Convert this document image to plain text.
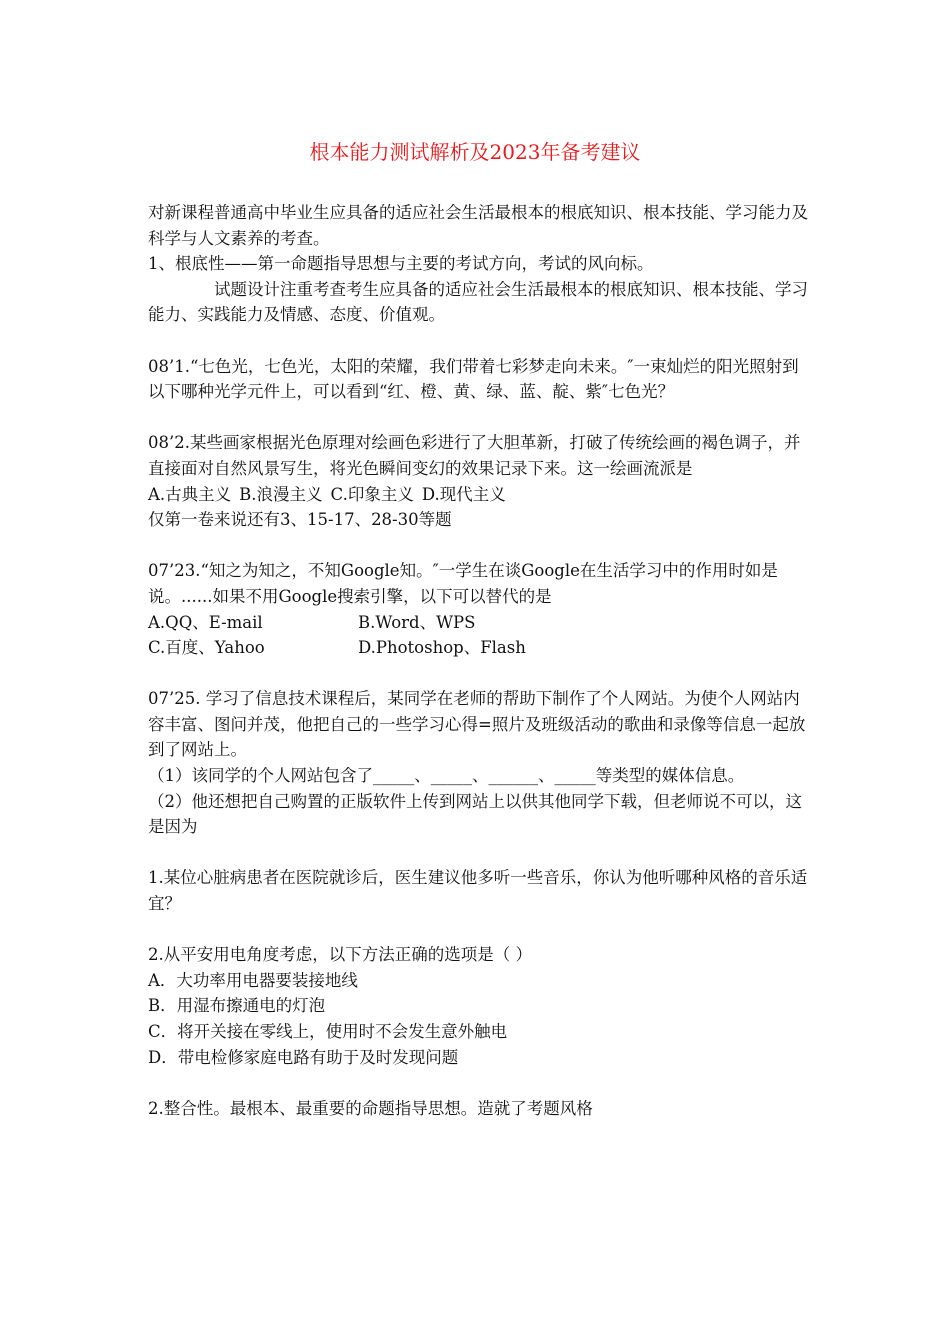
根本能力测试解析及2023年备考建议

对新课程普通高中毕业生应具备的适应社会生活最根本的根底知识、根本技能、学习能力及科学与人文素养的考查。

1、根底性——第一命题指导思想与主要的考试方向，考试的风向标。

试题设计注重考查考生应具备的适应社会生活最根本的根底知识、根本技能、学习能力、实践能力及情感、态度、价值观。

08’1.“七色光，七色光，太阳的荣耀，我们带着七彩梦走向未来。″一束灿烂的阳光照射到以下哪种光学元件上，可以看到“红、橙、黄、绿、蓝、靛、紫″七色光？

08’2.某些画家根据光色原理对绘画色彩进行了大胆革新，打破了传统绘画的褐色调子，并直接面对自然风景写生，将光色瞬间变幻的效果记录下来。这一绘画流派是

A.古典主义 B.浪漫主义 C.印象主义 D.现代主义

仅第一卷来说还有3、15-17、28-30等题

07’23.“知之为知之，不知Google知。″一学生在谈Google在生活学习中的作用时如是说。......如果不用Google搜索引擎，以下可以替代的是

A.QQ、E-mail	B.Word、WPS
C.百度、Yahoo	D.Photoshop、Flash

07’25. 学习了信息技术课程后，某同学在老师的帮助下制作了个人网站。为使个人网站内容丰富、图问并茂，他把自己的一些学习心得=照片及班级活动的歌曲和录像等信息一起放到了网站上。

（1）该同学的个人网站包含了_____、_____、______、_____等类型的媒体信息。

（2）他还想把自己购置的正版软件上传到网站上以供其他同学下载，但老师说不可以，这是因为

1.某位心脏病患者在医院就诊后，医生建议他多听一些音乐，你认为他听哪种风格的音乐适宜？

2.从平安用电角度考虑，以下方法正确的选项是（ ）

A．大功率用电器要装接地线

B．用湿布擦通电的灯泡

C．将开关接在零线上，使用时不会发生意外触电

D．带电检修家庭电路有助于及时发现问题

2.整合性。最根本、最重要的命题指导思想。造就了考题风格
